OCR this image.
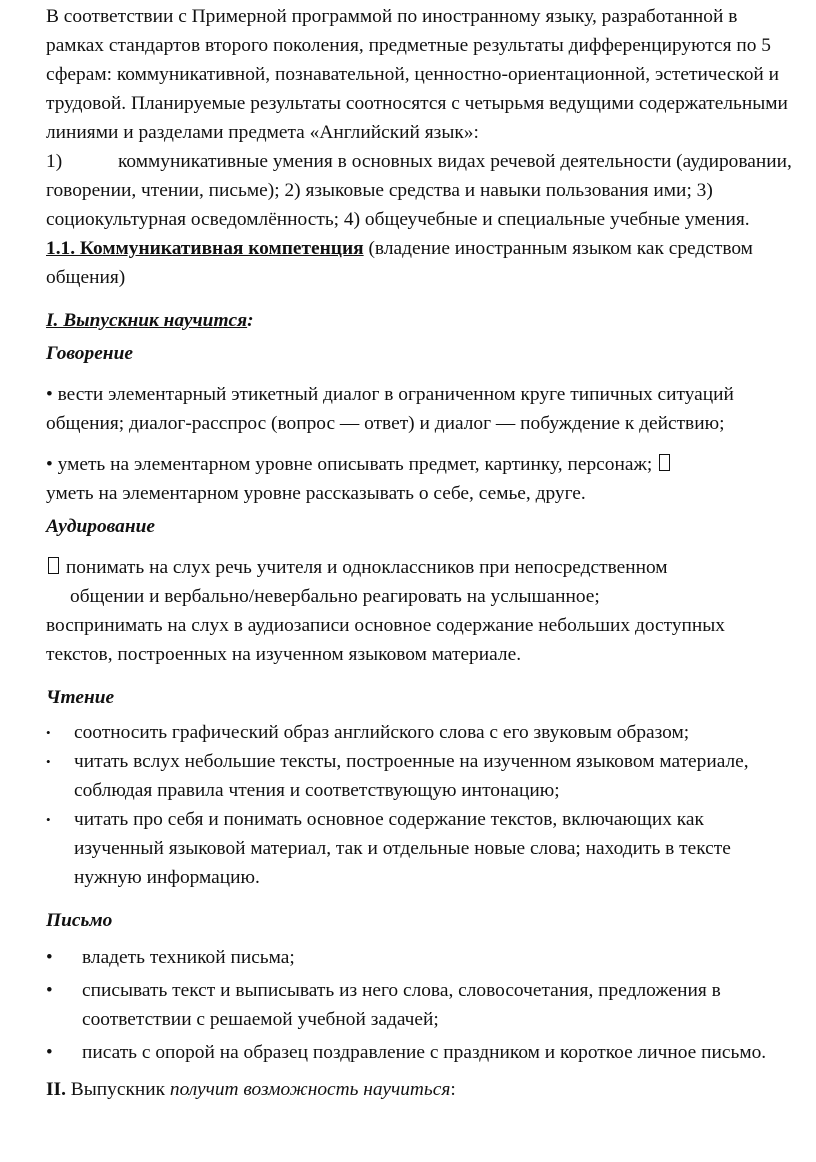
В соответствии с Примерной программой по иностранному языку, разработанной в рамках стандартов второго поколения, предметные результаты дифференцируются по 5 сферам: коммуникативной, познавательной, ценностно-ориентационной, эстетической и трудовой. Планируемые результаты соотносятся с четырьмя ведущими содержательными линиями и разделами предмета «Английский язык»:
1)	коммуникативные умения в основных видах речевой деятельности (аудировании, говорении, чтении, письме); 2) языковые средства и навыки пользования ими; 3) социокультурная осведомлённость; 4) общеучебные и специальные учебные умения.

1.1. Коммуникативная компетенция (владение иностранным языком как средством общения)

I. Выпускник научится:

Говорение

• вести элементарный этикетный диалог в ограниченном круге типичных ситуаций общения; диалог-расспрос (вопрос — ответ) и диалог — побуждение к действию;

• уметь на элементарном уровне описывать предмет, картинку, персонаж;
уметь на элементарном уровне рассказывать о себе, семье, друге.

Аудирование

понимать на слух речь учителя и одноклассников при непосредственном
общении и вербально/невербально реагировать на услышанное;

воспринимать на слух в аудиозаписи основное содержание небольших доступных текстов, построенных на изученном языковом материале.

Чтение

• соотносить графический образ английского слова с его звуковым образом;
• читать вслух небольшие тексты, построенные на изученном языковом материале, соблюдая правила чтения и соответствующую интонацию;
• читать про себя и понимать основное содержание текстов, включающих как изученный языковой материал, так и отдельные новые слова; находить в тексте нужную информацию.

Письмо

• владеть техникой письма;
• списывать текст и выписывать из него слова, словосочетания, предложения в соответствии с решаемой учебной задачей;
• писать с опорой на образец поздравление с праздником и короткое личное письмо.

II. Выпускник получит возможность научиться:
